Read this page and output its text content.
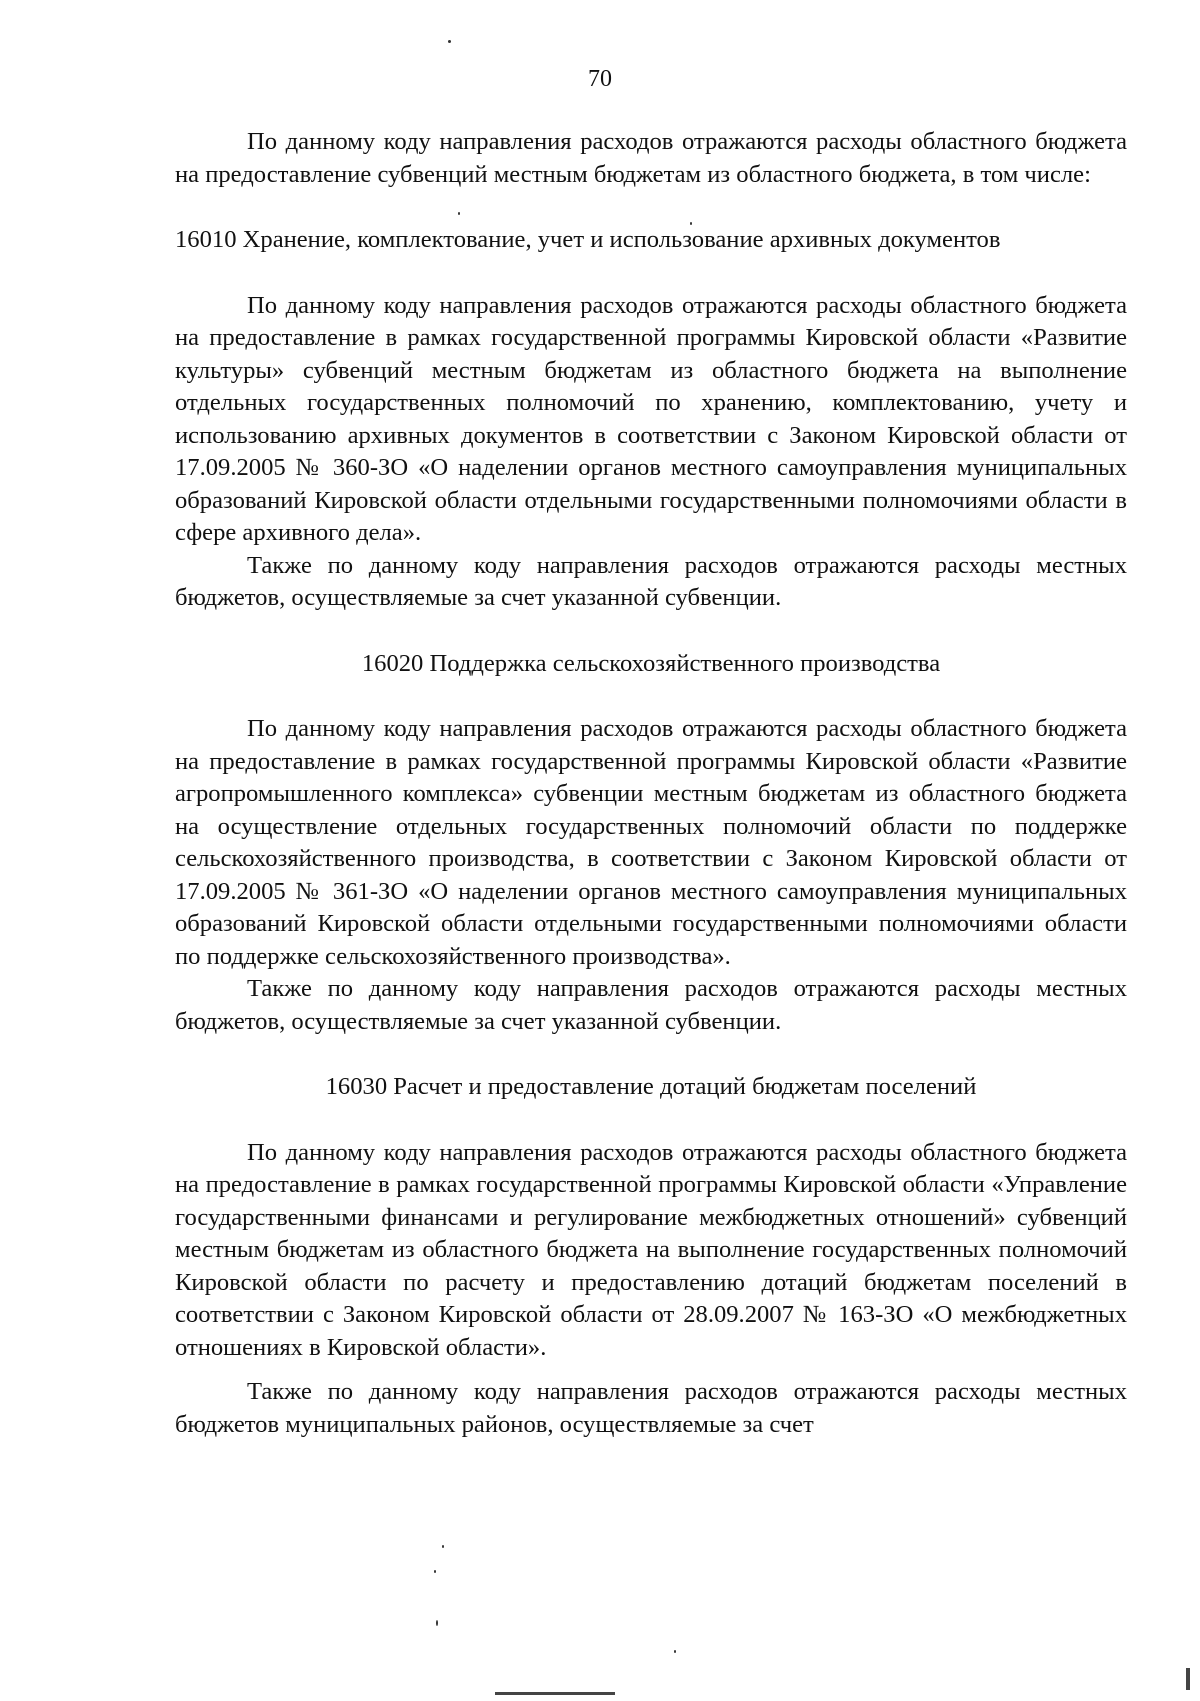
70

По данному коду направления расходов отражаются расходы областного бюджета на предоставление субвенций местным бюджетам из областного бюджета, в том числе:

16010 Хранение, комплектование, учет и использование архивных документов

По данному коду направления расходов отражаются расходы областного бюджета на предоставление в рамках государственной программы Кировской области «Развитие культуры» субвенций местным бюджетам из областного бюджета на выполнение отдельных государственных полномочий по хранению, комплектованию, учету и использованию архивных документов в соответствии с Законом Кировской области от 17.09.2005 № 360-ЗО «О наделении органов местного самоуправления муниципальных образований Кировской области отдельными государственными полномочиями области в сфере архивного дела».

Также по данному коду направления расходов отражаются расходы местных бюджетов, осуществляемые за счет указанной субвенции.

16020 Поддержка сельскохозяйственного производства

По данному коду направления расходов отражаются расходы областного бюджета на предоставление в рамках государственной программы Кировской области «Развитие агропромышленного комплекса» субвенции местным бюджетам из областного бюджета на осуществление отдельных государственных полномочий области по поддержке сельскохозяйственного производства, в соответствии с Законом Кировской области от 17.09.2005 № 361-ЗО «О наделении органов местного самоуправления муниципальных образований Кировской области отдельными государственными полномочиями области по поддержке сельскохозяйственного производства».

Также по данному коду направления расходов отражаются расходы местных бюджетов, осуществляемые за счет указанной субвенции.

16030 Расчет и предоставление дотаций бюджетам поселений

По данному коду направления расходов отражаются расходы областного бюджета на предоставление в рамках государственной программы Кировской области «Управление государственными финансами и регулирование межбюджетных отношений» субвенций местным бюджетам из областного бюджета на выполнение государственных полномочий Кировской области по расчету и предоставлению дотаций бюджетам поселений в соответствии с Законом Кировской области от 28.09.2007 № 163-ЗО «О межбюджетных отношениях в Кировской области».

Также по данному коду направления расходов отражаются расходы местных бюджетов муниципальных районов, осуществляемые за счет
